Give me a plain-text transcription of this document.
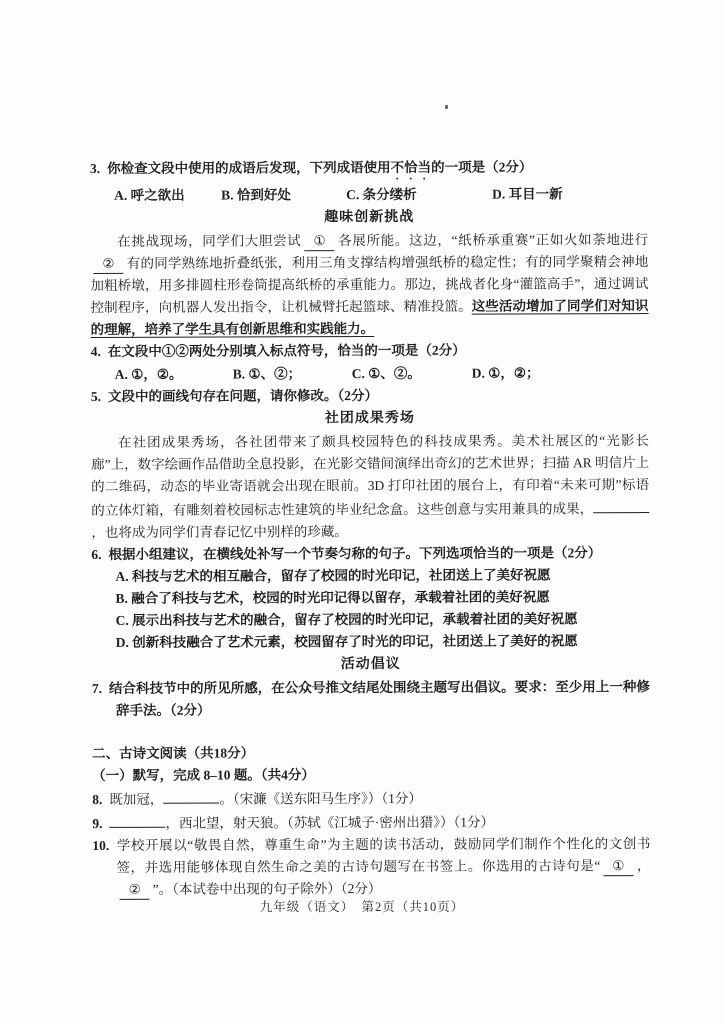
3. 你检查文段中使用的成语后发现，下列成语使用不恰当的一项是（2分）
A. 呼之欲出	B. 恰到好处	C. 条分缕析	D. 耳目一新
趣味创新挑战

在挑战现场，同学们大胆尝试 ① 各展所能。这边，“纸桥承重赛”正如火如荼地进行② 有的同学熟练地折叠纸张，利用三角支撑结构增强纸桥的稳定性；有的同学聚精会神地加粗桥墩，用多排圆柱形卷筒提高纸桥的承重能力。那边，挑战者化身“灌篮高手”，通过调试控制程序，向机器人发出指令，让机械臂托起篮球、精准投篮。这些活动增加了同学们对知识的理解，培养了学生具有创新思维和实践能力。

4. 在文段中①②两处分别填入标点符号，恰当的一项是（2分）
A. ①，②。	B. ①、②；	C. ①、②。	D. ①，②；
5. 文段中的画线句存在问题，请你修改。（2分）
社团成果秀场

在社团成果秀场，各社团带来了颇具校园特色的科技成果秀。美术社展区的“光影长廊”上，数字绘画作品借助全息投影，在光影交错间演绎出奇幻的艺术世界；扫描 AR 明信片上的二维码，动态的毕业寄语就会出现在眼前。3D 打印社团的展台上，有印着“未来可期”标语的立体灯箱，有雕刻着校园标志性建筑的毕业纪念盒。这些创意与实用兼具的成果，，也将成为同学们青春记忆中别样的珍藏。

6. 根据小组建议，在横线处补写一个节奏匀称的句子。下列选项恰当的一项是（2分）
A. 科技与艺术的相互融合，留存了校园的时光印记，社团送上了美好祝愿
B. 融合了科技与艺术，校园的时光印记得以留存，承载着社团的美好祝愿
C. 展示出科技与艺术的融合，留存了校园的时光印记，承载着社团的美好祝愿
D. 创新科技融合了艺术元素，校园留存了时光的印记，社团送上了美好的祝愿
活动倡议
7. 结合科技节中的所见所感，在公众号推文结尾处围绕主题写出倡议。要求：至少用上一种修辞手法。（2分）
二、古诗文阅读（共18分）
（一）默写，完成 8–10 题。（共4分）
8. 既加冠，	。（宋濂《送东阳马生序》）（1分）
9.	，西北望，射天狼。（苏轼《江城子·密州出猎》）（1分）
10. 学校开展以“敬畏自然，尊重生命”为主题的读书活动，鼓励同学们制作个性化的文创书签，并选用能够体现自然生命之美的古诗句题写在书签上。你选用的古诗句是“ ① ，② ”。（本试卷中出现的句子除外）（2分）
九年级（语文）　第2页（共10页）
